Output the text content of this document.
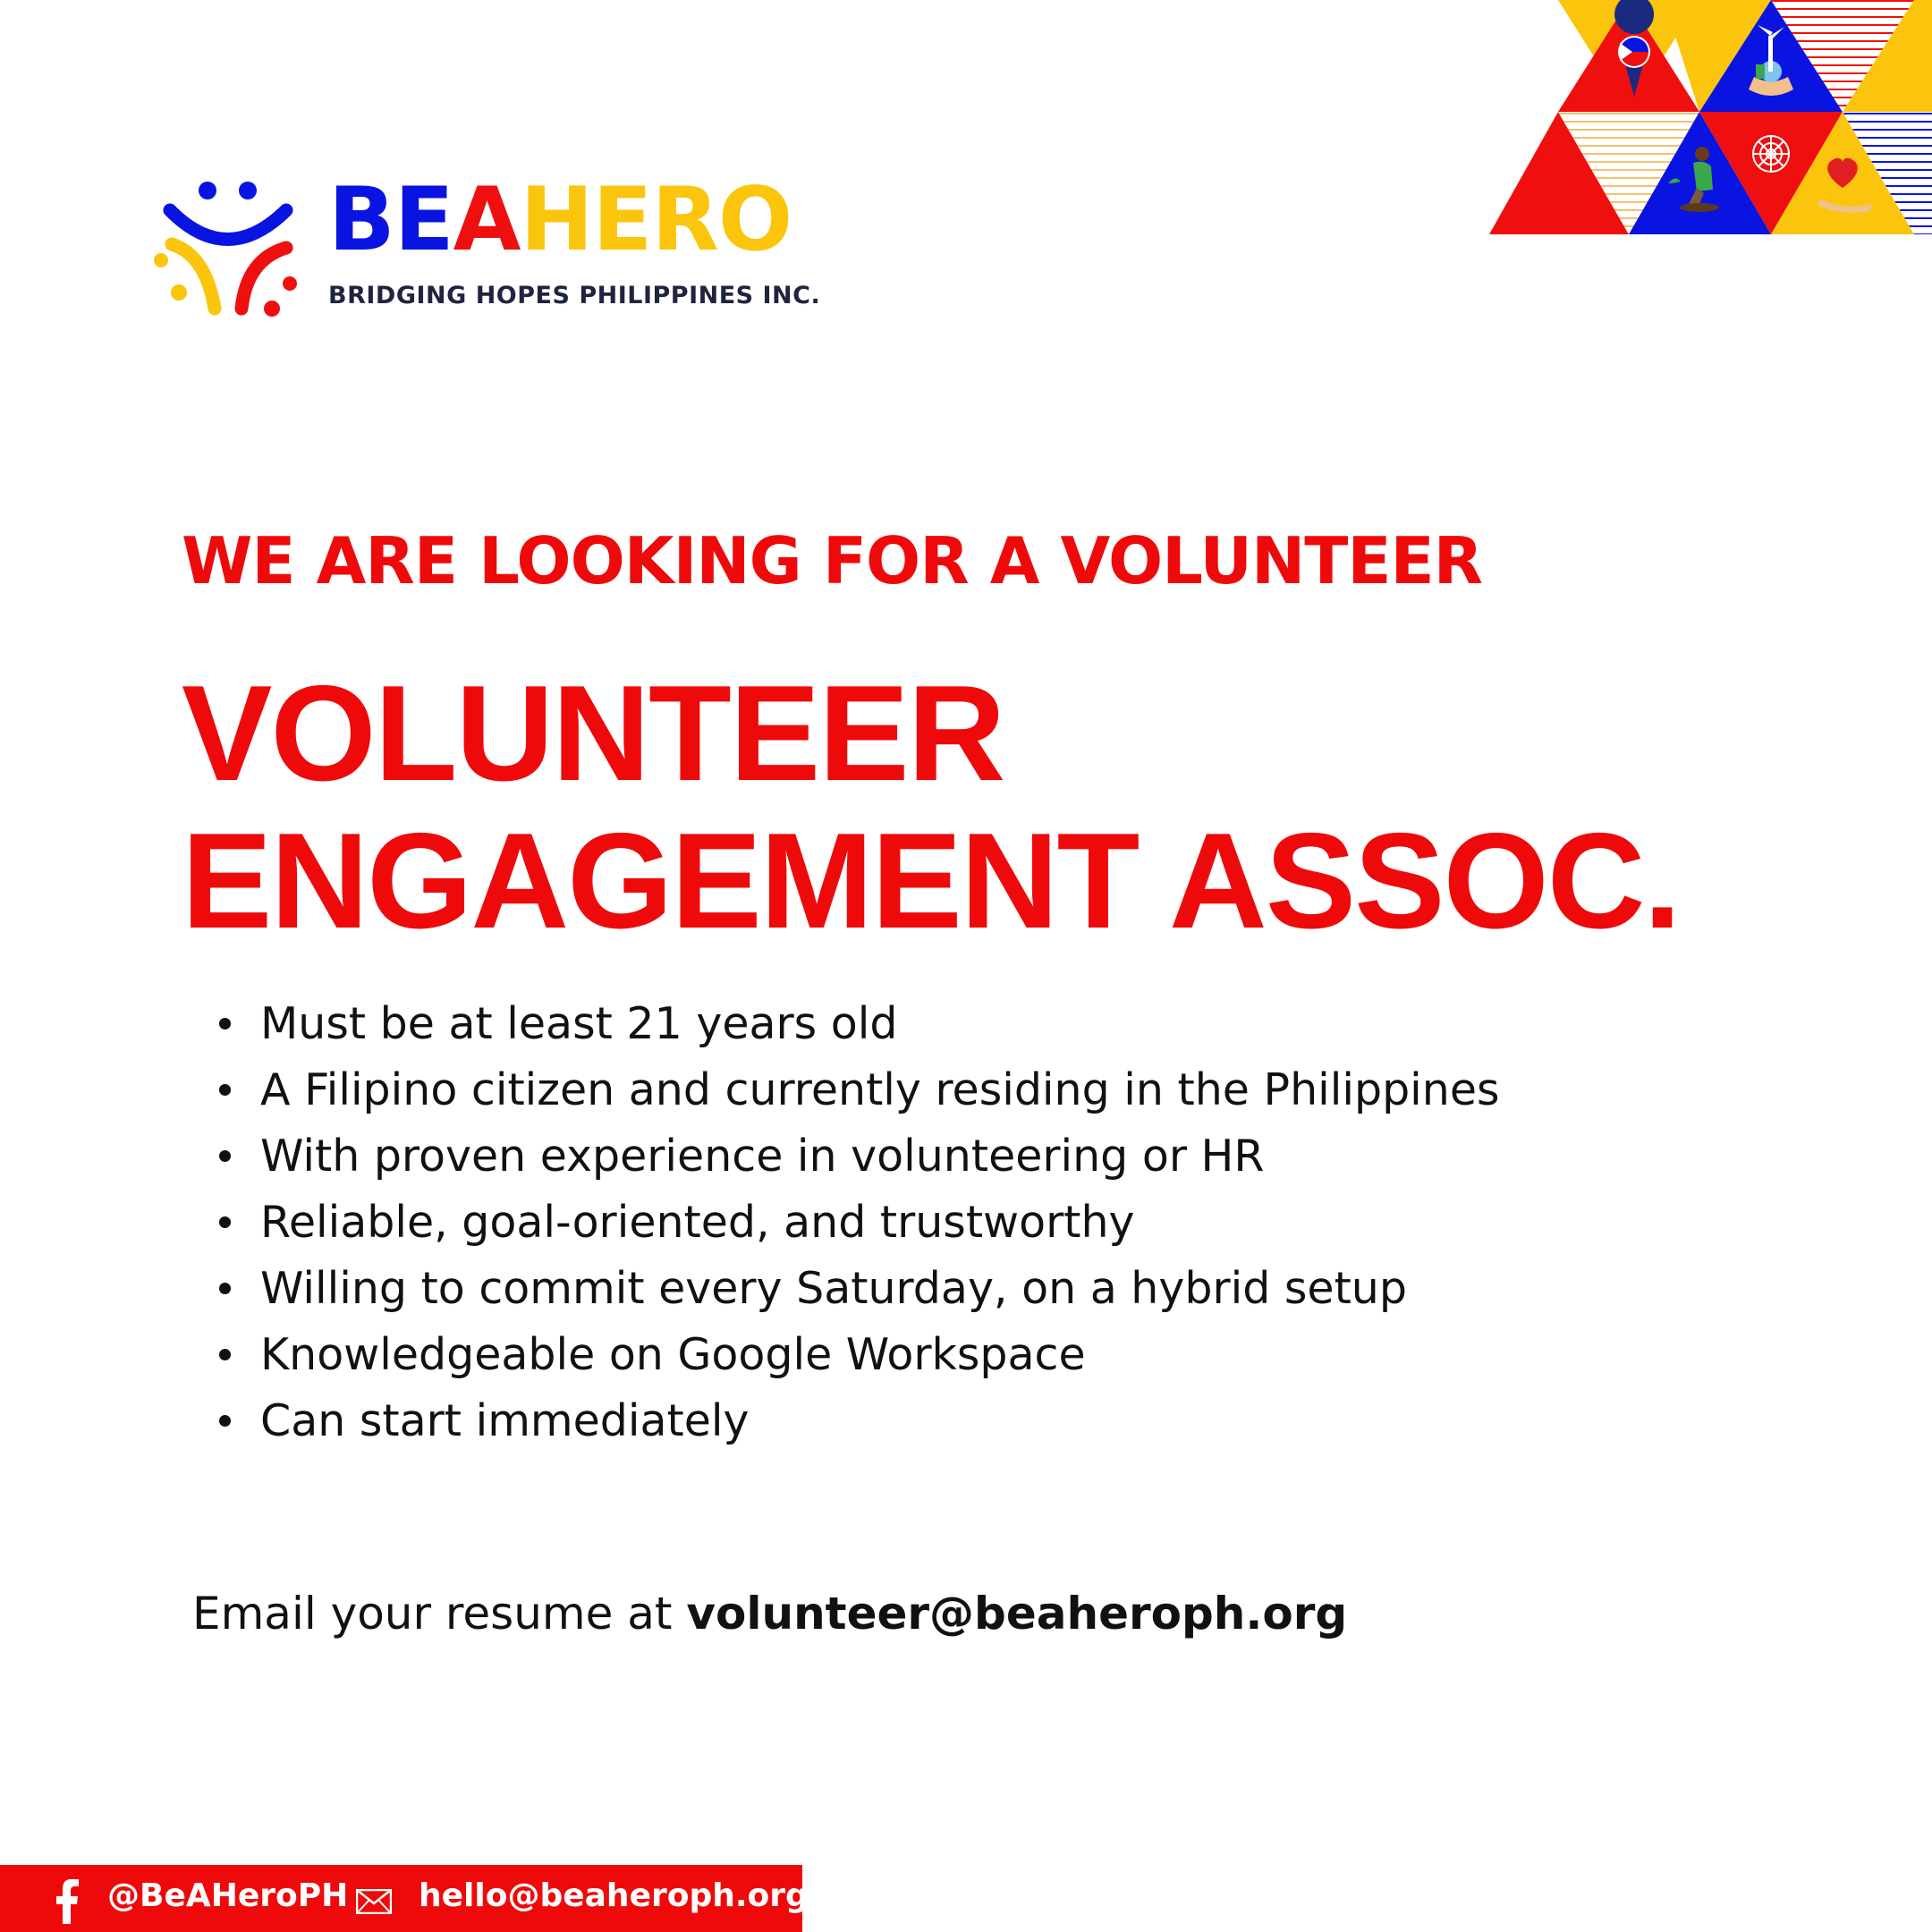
BEAHERO
BRIDGING HOPES PHILIPPINES INC.
WE ARE LOOKING FOR A VOLUNTEER
VOLUNTEER
ENGAGEMENT ASSOC.
Must be at least 21 years old
A Filipino citizen and currently residing in the Philippines
With proven experience in volunteering or HR
Reliable, goal-oriented, and trustworthy
Willing to commit every Saturday, on a hybrid setup
Knowledgeable on Google Workspace
Can start immediately
Email your resume at volunteer@beaheroph.org
@BeAHeroPH hello@beaheroph.org
